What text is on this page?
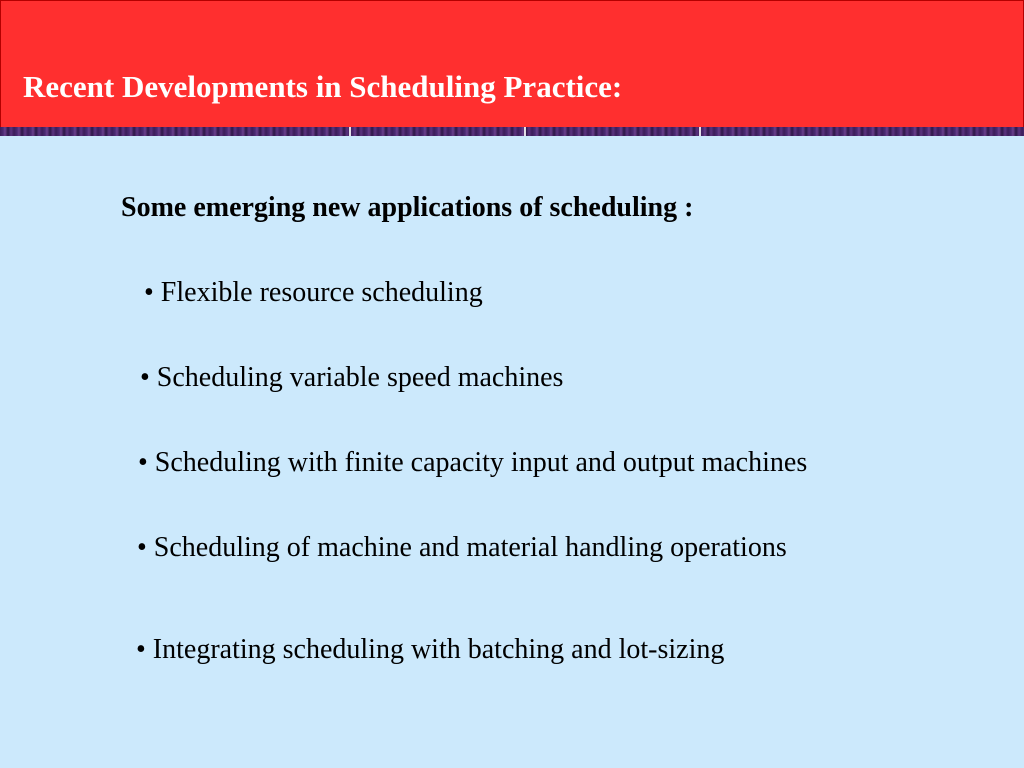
Recent Developments in Scheduling Practice:
Some emerging new applications of scheduling :
• Flexible resource scheduling
• Scheduling variable speed machines
• Scheduling with finite capacity input and output machines
• Scheduling of machine and material handling operations
• Integrating scheduling with batching and lot-sizing
